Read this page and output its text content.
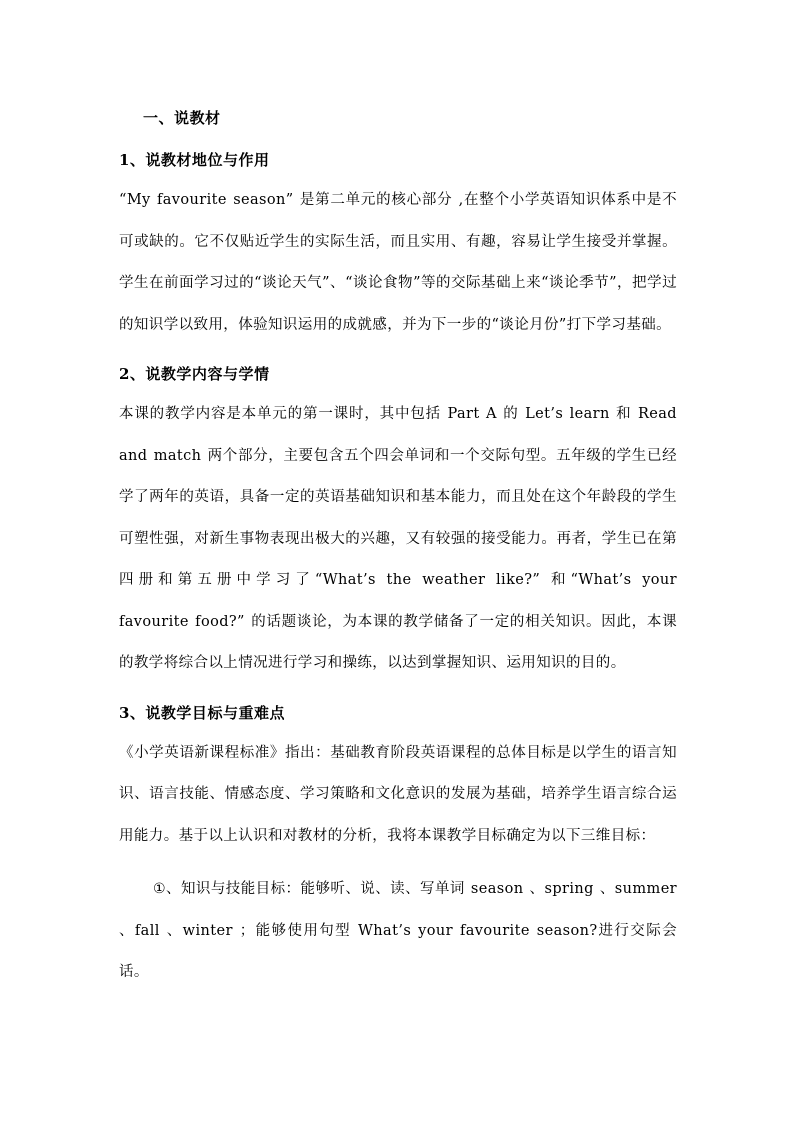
一、说教材
1、说教材地位与作用

“My favourite season” 是第二单元的核心部分 ,在整个小学英语知识体系中是不可或缺的。它不仅贴近学生的实际生活，而且实用、有趣，容易让学生接受并掌握。学生在前面学习过的“谈论天气”、“谈论食物”等的交际基础上来“谈论季节”，把学过的知识学以致用，体验知识运用的成就感，并为下一步的“谈论月份”打下学习基础。

2、说教学内容与学情

本课的教学内容是本单元的第一课时，其中包括 Part A 的 Let’s learn 和 Read and match 两个部分，主要包含五个四会单词和一个交际句型。五年级的学生已经学了两年的英语，具备一定的英语基础知识和基本能力，而且处在这个年龄段的学生可塑性强，对新生事物表现出极大的兴趣，又有较强的接受能力。再者，学生已在第四册和第五册中学习了“What’s the weather like?” 和“What’s your favourite food?” 的话题谈论，为本课的教学储备了一定的相关知识。因此，本课的教学将综合以上情况进行学习和操练，以达到掌握知识、运用知识的目的。

3、说教学目标与重难点

《小学英语新课程标准》指出：基础教育阶段英语课程的总体目标是以学生的语言知识、语言技能、情感态度、学习策略和文化意识的发展为基础，培养学生语言综合运用能力。基于以上认识和对教材的分析，我将本课教学目标确定为以下三维目标：

①、知识与技能目标：能够听、说、读、写单词 season 、spring 、summer 、fall 、winter ；能够使用句型 What’s your favourite season?进行交际会话。
